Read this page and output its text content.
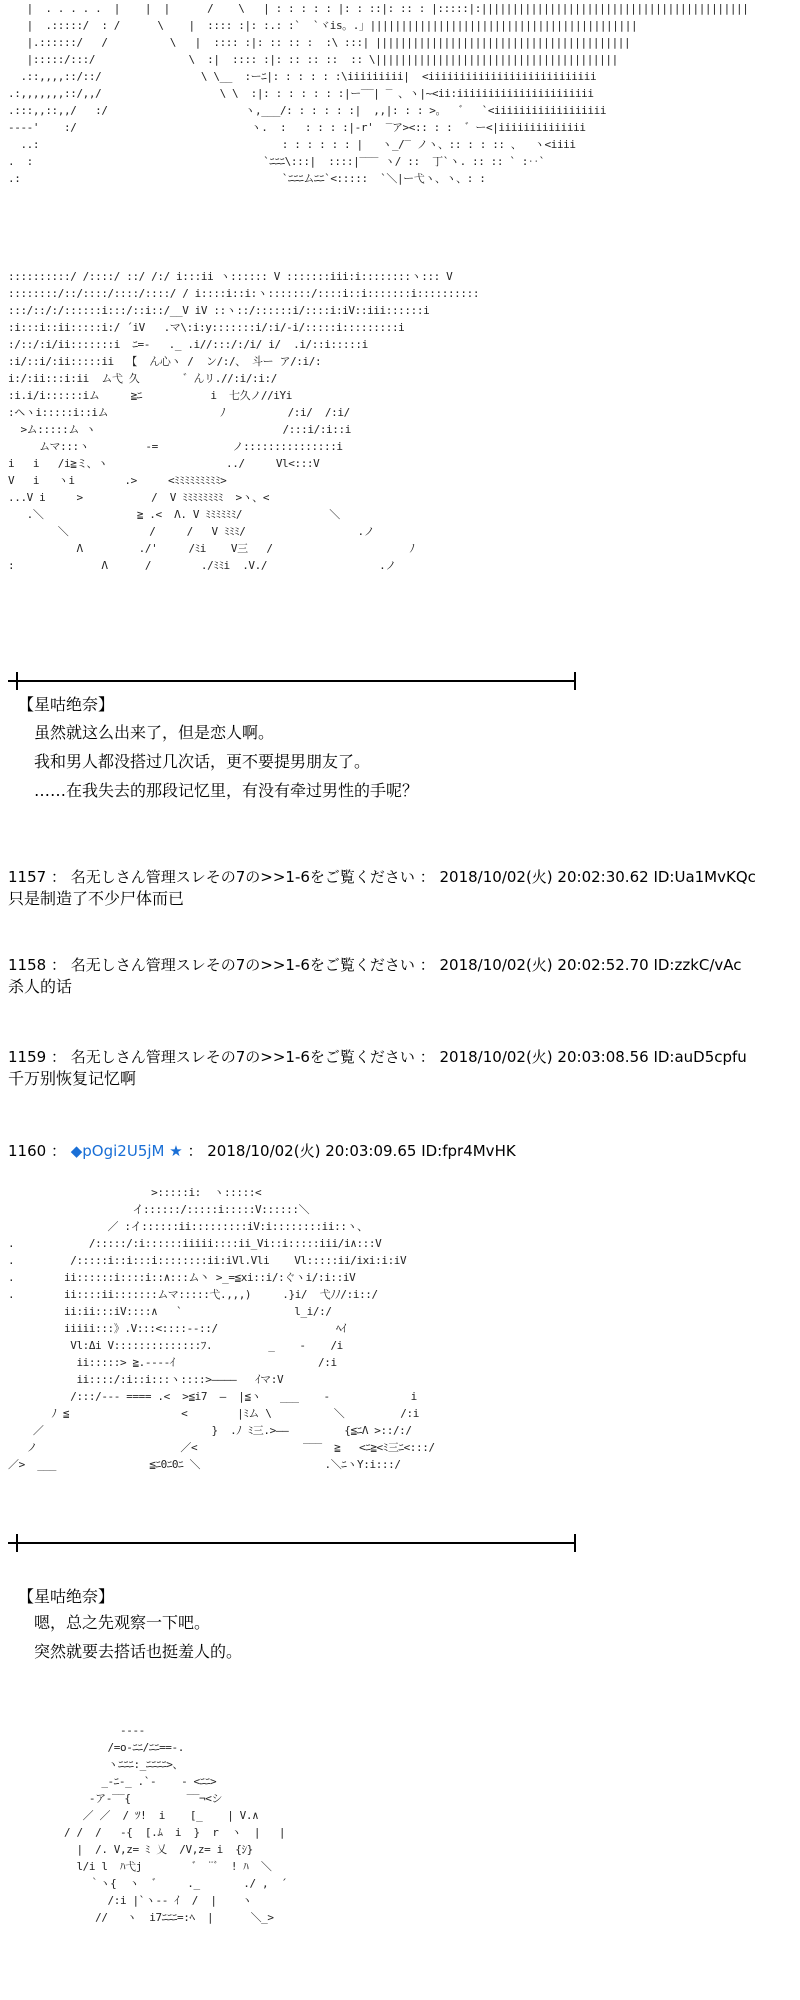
|  . . . . .  |    |  |      /    \   | : : : : : |: : ::|: :: : |:::::|:|||||||||||||||||||||||||||||||||||||||||||
|  .:::::/  : /      \    |  :::: :|: :.: :`  `ヾis。.」|||||||||||||||||||||||||||||||||||||||||||
|.::::::/   /          \   |  :::: :|: :: :: :  :\ :::| |||||||||||||||||||||||||||||||||||||||||
|:::::/:::/               \  :|  :::: :|: :: :: ::  :: \|||||||||||||||||||||||||||||||||||||||
.::,,,,::/::/                \ \__  :ーﾆ|: : : : : :\iiiiiiiii|  <iiiiiiiiiiiiiiiiiiiiiiiiiii
.:,,,,,,,::/,,/                   \ \  :|: : : : : : :|ー‾‾| ‾ 、ヽ|~<ii:iiiiiiiiiiiiiiiiiiiiii
.:::,,::,,/   :/                      ヽ,___/: : : : : :|  ,,|: : : >。  ゛  `<iiiiiiiiiiiiiiiiii
---‐'    :/                            ヽ.  :   : : : :|‐r'  ‾ア><:: : :  ゛ー<|iiiiiiiiiiiiii
..:                                       : : : : : : |   ヽ_/‾ ノヽ、:: : : :: 、  ヽ<iiii
.  :                                     `ﾆﾆﾆ\:::|  ::::|‾‾‾ ヽ/ ::  丁`ヽ. :: :: ` :‥`
.:                                          `ﾆﾆﾆムﾆﾆ`<:::::  `＼|ー弋ヽ、ヽ、: :
::::::::::/ /::::/ ::/ /:/ i:::ii ヽ:::::: V :::::::iii:i::::::::ヽ::: V
::::::::/::/::::/::::/::::/ / i::::i::i:ヽ:::::::/::::i::i:::::::i::::::::::
:::/::/:/::::::i:::/::i::/__V iV ::ヽ::/::::::i/::::i:iV::iii::::::i
:i:::i::ii:::::i:/ ´iV   .マ\:i:y:::::::i/:i/‐i/:::::i:::::::::i
:/::/:i/ii:::::::i  ﾆ=-   ._ .i//:::/:/i/ i/  .i/::i:::::i
:i/::i/:ii:::::ii  【  ん心ヽ /  ン/:/、 斗ー ア/:i/:
i:/:ii:::i:ii  ム弋 久       ゛んリ.//:i/:i:/
:i.i/i::::::iム     ≧ﾆ           i  七久ノ//iYi
:ヘヽi:::::i::iム                  ﾉ          /:i/  /:i/
>ム:::::ム ヽ                              /:::i/:i::i
ムマ:::ヽ         -=            ノ:::::::::::::::i
i   i   /i≧ミ、ヽ                   ../     Vl<:::V
V   i   ヽi        .>     <ﾐﾐﾐﾐﾐﾐﾐﾐﾐ>
...V i     >           /  V ﾐﾐﾐﾐﾐﾐﾐﾐ  >ヽ、<
.＼               ≧ .<  Λ. V ﾐﾐﾐﾐﾐﾐ/              ＼
＼             /     /   V ﾐﾐﾐ/                  .ノ
Λ         ./'     /ﾐi    V三   /                      ﾉ
:              Λ      /        ./ﾐﾐi  .V./                  .ノ
【星咕绝奈】
虽然就这么出来了，但是恋人啊。
我和男人都没搭过几次话，更不要提男朋友了。
……在我失去的那段记忆里，有没有牵过男性的手呢？
1157 ： 名无しさん管理スレその7の>>1-6をご覧ください ： 2018/10/02(火) 20:02:30.62 ID:Ua1MvKQc
只是制造了不少尸体而已
1158 ： 名无しさん管理スレその7の>>1-6をご覧ください ： 2018/10/02(火) 20:02:52.70 ID:zzkC/vAc
杀人的话
1159 ： 名无しさん管理スレその7の>>1-6をご覧ください ： 2018/10/02(火) 20:03:08.56 ID:auD5cpfu
千万别恢复记忆啊
1160 ： ◆pOgi2U5jM ★ ： 2018/10/02(火) 20:03:09.65 ID:fpr4MvHK
>:::::i:  ヽ:::::<
イ::::::/:::::i:::::V::::::＼
／ :イ::::::ii:::::::::iV:i::::::::ii::ヽ、
.            /:::::/:i::::::iiiii::::ii_Vi::i:::::iii/i∧:::V
.         /:::::i::i:::i::::::::ii:iVl.Vli    Vl:::::ii/ixi:i:iV
.        ii::::::i::::i::∧:::ム丶 >_=≦xi::i/:ぐヽi/:i::iV
.        ii::::ii:::::::ムマ:::::弋.,,,)     .}i/  弋ﾉﾉ/:i::/
ii:ii:::iV::::∧   `                  l_i/:/
iiiii:::》.V:::<::::--::/                   ﾍｲ
Vl:Δi V::::::::::::::ﾌ.         _    -    /i
ii:::::> ≧.----ｲ                       /:i
ii::::/:i::i:::ヽ::::>――――   ｲマ:V
/:::/--- ==== .<  >≦i7  ―  |≦ヽ   ___    ‐             i
ﾉ ≦                  <        |ﾐム \          ＼         /:i
／                           }  .ﾉ ﾐ三.>――         {≦ﾆΛ >::/:/
ノ                       ／<                 ‾‾‾  ≧   <ﾆ≧<ﾐ三ﾆ<:::/
／>  ___               ≦ﾆ0ﾆ0ﾆ ＼                    .＼ﾆヽY:i:::/
【星咕绝奈】
嗯，总之先观察一下吧。
突然就要去搭话也挺羞人的。
‐‐‐‐
/=o‐ﾆﾆ/ﾆﾆ==‐.
ヽﾆﾆﾆ:_ﾆﾆﾆﾆ>、
_‐ﾆ‐_ .`‐    ‐ <ﾆﾆ>
‐ア‐‾‾{         ‾‾¬<シ
／ ／  / ﾂ!  i    [_    | V.∧
/ /  /   ‐{  [.ﾑ  i  }  r  ヽ  |   |
|  /. V,z= ﾐ 乂  /V,z= i  {ｼ}
l/i l  ﾊ弋j        ゛ ¨ﾞ  ! ﾊ  ＼
｀ヽ{  ヽ  ゛    ._       ./ ,  ´
/:i |`ヽ‐‐ ｲ  /  |    ヽ
//   ヽ  i7ﾆﾆﾆ=:ﾍ  |      ＼_>
